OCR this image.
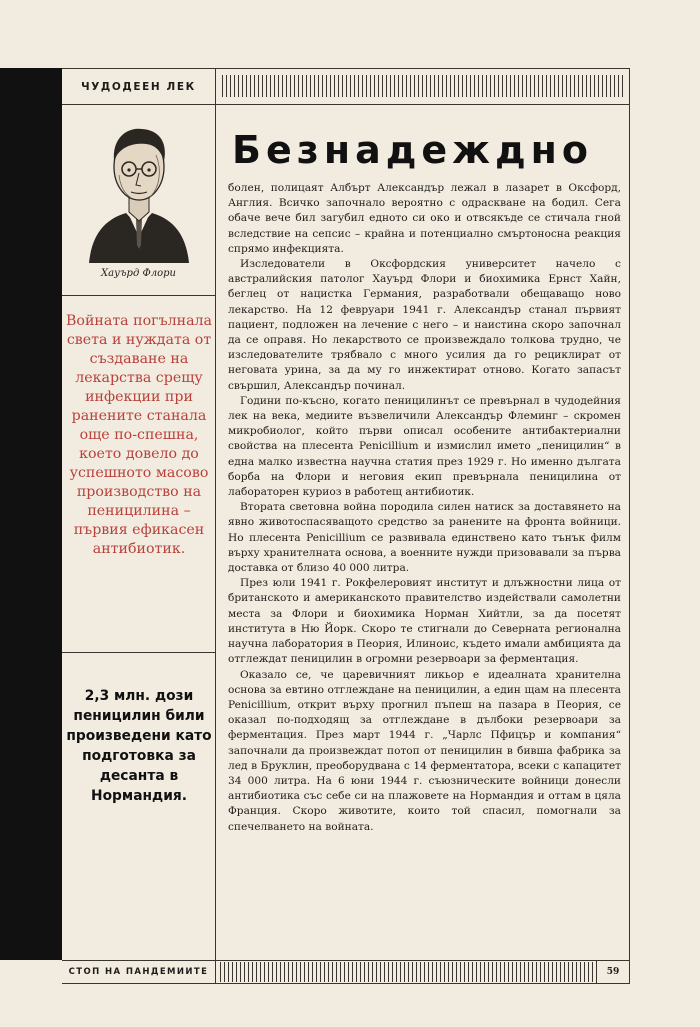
ЧУДОДЕЕН ЛЕК
Хауърд Флори
Войната погълнала света и нуждата от създаване на лекарства срещу инфекции при раненитe станала още по-спешна, което довело до успешното масово производство на пеницилина – първия ефикасен антибиотик.
2,3 млн. дози пеницилин били произведени като подготовка за десанта в Нормандия.
Безнадеждно

болен, полицаят Албърт Александър лежал в лазарет в Оксфорд, Англия. Всичко започнало вероятно с одраскване на бодил. Сега обаче вече бил загубил едното си око и отвсякъде се стичала гной вследствие на сепсис – крайна и потенциално смъртоносна реакция спрямо инфекцията.

Изследователи в Оксфордския университет начело с австралийския патолог Хауърд Флори и биохимика Ернст Хайн, беглец от нацистка Германия, разработвали обещаващо ново лекарство. На 12 февруари 1941 г. Александър станал първият пациент, подложен на лечение с него – и наистина скоро започнал да се оправя. Но лекарството се произвеждало толкова трудно, че изследователите трябвало с много усилия да го рециклират от неговата урина, за да му го инжектират отново. Когато запасът свършил, Александър починал.

Години по-късно, когато пеницилинът се превърнал в чудодейния лек на века, медиите възвеличили Александър Флеминг – скромен микробиолог, който първи описал особените антибактериални свойства на плесента Penicillium и измислил името „пеницилин“ в една малко известна научна статия през 1929 г. Но именно дългата борба на Флори и неговия екип превърнала пеницилина от лабораторен куриоз в работещ антибиотик.

Втората световна война породила силен натиск за доставянето на явно животоспасяващото средство за раненитe на фронта войници. Но плесента Penicillium се развивала единствено като тънък филм върху хранителната основа, а военните нужди призовавали за първа доставка от близо 40 000 литра.

През юли 1941 г. Рокфелеровият институт и длъжностни лица от британското и американското правителство издействали самолетни места за Флори и биохимика Норман Хийтли, за да посетят института в Ню Йорк. Скоро те стигнали до Северната регионална научна лаборатория в Пеория, Илиноис, където имали амбицията да отглеждат пеницилин в огромни резервоари за ферментация.

Оказало се, че царевичният ликьор е идеалната хранителна основа за евтино отглеждане на пеницилин, а един щам на плесента Penicillium, открит върху прогнил пъпеш на пазара в Пеория, се оказал по-подходящ за отглеждане в дълбоки резервоари за ферментация. През март 1944 г. „Чарлс Пфицър и компания“ започнали да произвеждат потоп от пеницилин в бивша фабрика за лед в Бруклин, преоборудвана с 14 ферментатора, всеки с капацитет 34 000 литра. На 6 юни 1944 г. съюзническите войници донесли антибиотика със себе си на плажовете на Нормандия и оттам в цяла Франция. Скоро животите, които той спасил, помогнали за спечелването на войната.

СТОП НА ПАНДЕМИИТЕ	59
